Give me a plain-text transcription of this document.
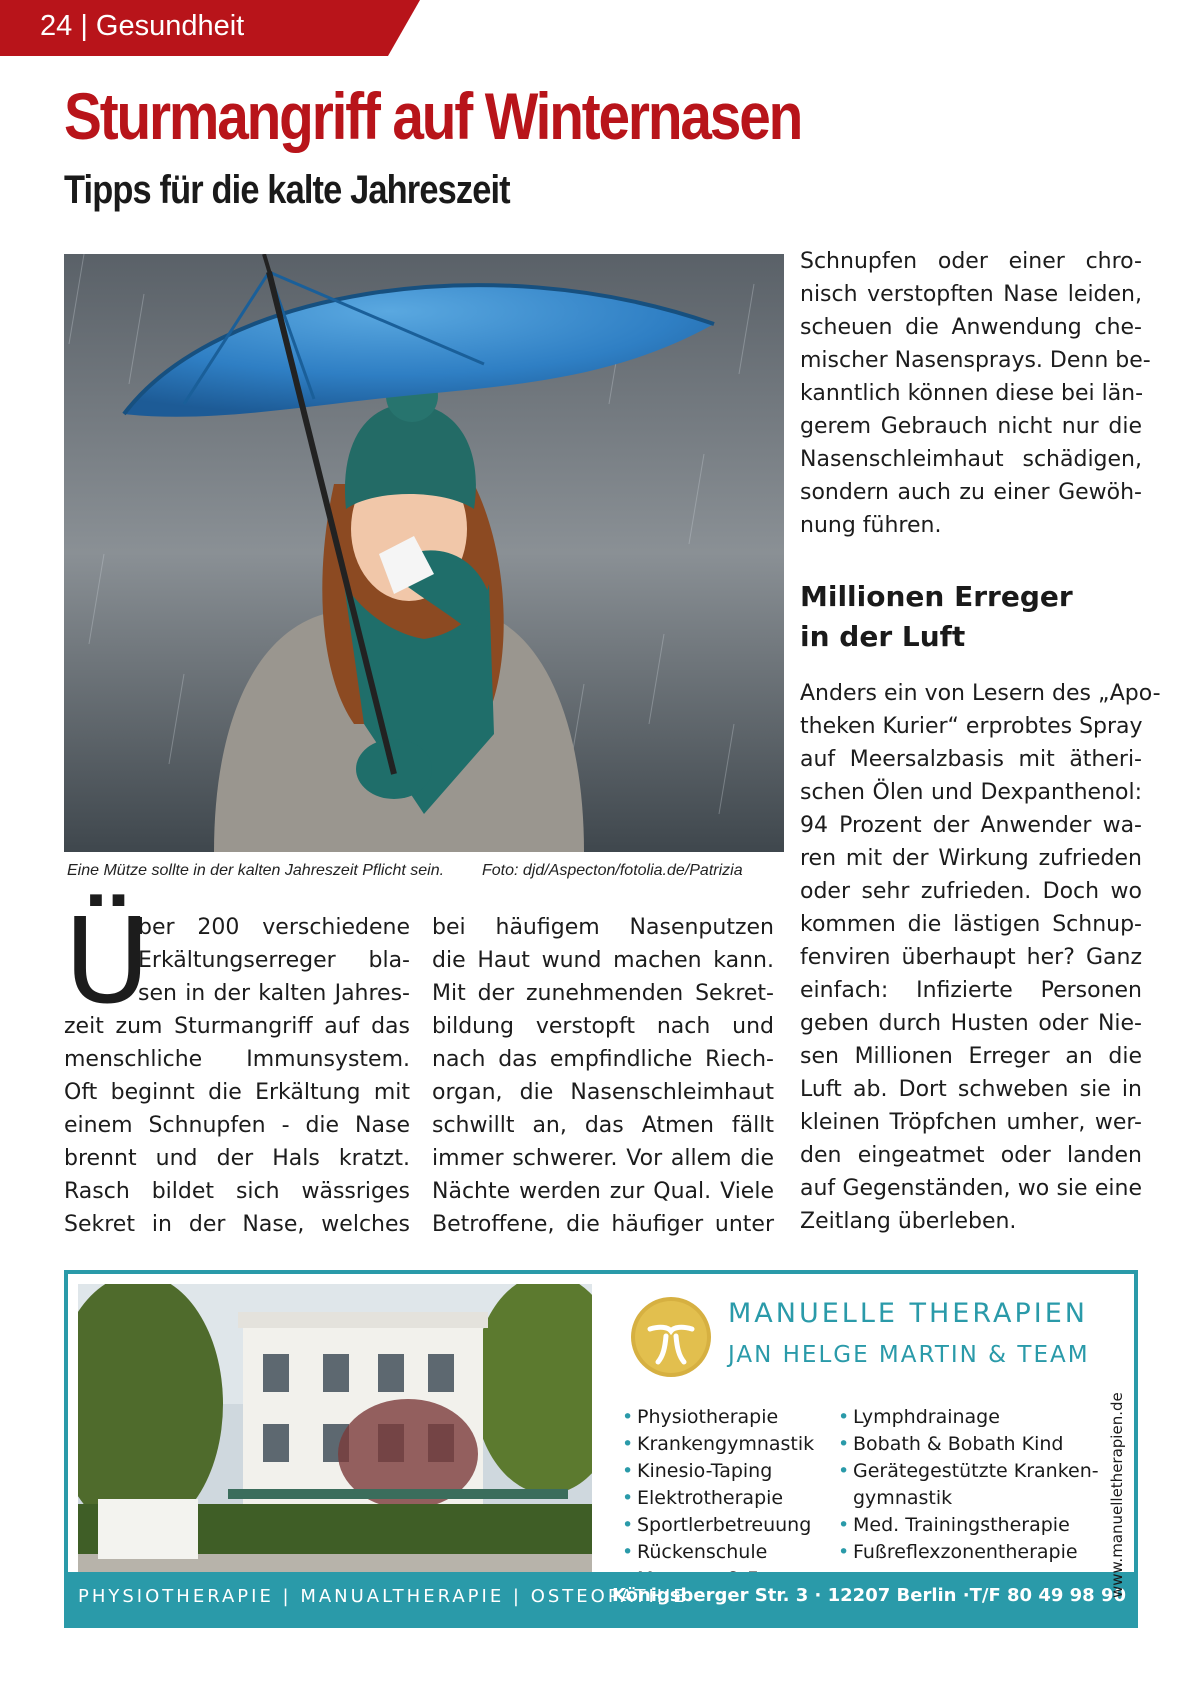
24 | Gesundheit
Sturmangriff auf Winternasen
Tipps für die kalte Jahreszeit
Eine Mütze sollte in der kalten Jahreszeit Pflicht sein. Foto: djd/Aspecton/fotolia.de/Patrizia
Schnupfen oder einer chro-
nisch verstopften Nase leiden,
scheuen die Anwendung che-
mischer Nasensprays. Denn be-
kanntlich können diese bei län-
gerem Gebrauch nicht nur die
Nasenschleimhaut schädigen,
sondern auch zu einer Gewöh-
nung führen.
Millionen Erreger
in der Luft
Anders ein von Lesern des „Apo-
theken Kurier“ erprobtes Spray
auf Meersalzbasis mit ätheri-
schen Ölen und Dexpanthenol:
94 Prozent der Anwender wa-
ren mit der Wirkung zufrieden
oder sehr zufrieden. Doch wo
kommen die lästigen Schnup-
fenviren überhaupt her? Ganz
einfach: Infizierte Personen
geben durch Husten oder Nie-
sen Millionen Erreger an die
Luft ab. Dort schweben sie in
kleinen Tröpfchen umher, wer-
den eingeatmet oder landen
auf Gegenständen, wo sie eine
Zeitlang überleben.
Ü
ber 200 verschiedene
Erkältungserreger bla-
sen in der kalten Jahres-
zeit zum Sturmangriff auf das
menschliche Immunsystem.
Oft beginnt die Erkältung mit
einem Schnupfen - die Nase
brennt und der Hals kratzt.
Rasch bildet sich wässriges
Sekret in der Nase, welches
bei häufigem Nasenputzen
die Haut wund machen kann.
Mit der zunehmenden Sekret-
bildung verstopft nach und
nach das empfindliche Riech-
organ, die Nasenschleimhaut
schwillt an, das Atmen fällt
immer schwerer. Vor allem die
Nächte werden zur Qual. Viele
Betroffene, die häufiger unter
MANUELLE THERAPIEN
JAN HELGE MARTIN & TEAM
• Physiotherapie
• Krankengymnastik
• Kinesio-Taping
• Elektrotherapie
• Sportlerbetreuung
• Rückenschule
• Lymphdrainage
• Bobath & Bobath Kind
• Gerätegestützte Kranken-
gymnastik
• Med. Trainingstherapie
• Fußreflexzonentherapie
PHYSIOTHERAPIE | MANUALTHERAPIE | OSTEOPATHIE
Königsberger Str. 3 · 12207 Berlin ·T/F 80 49 98 90
www.manuelletherapien.de
